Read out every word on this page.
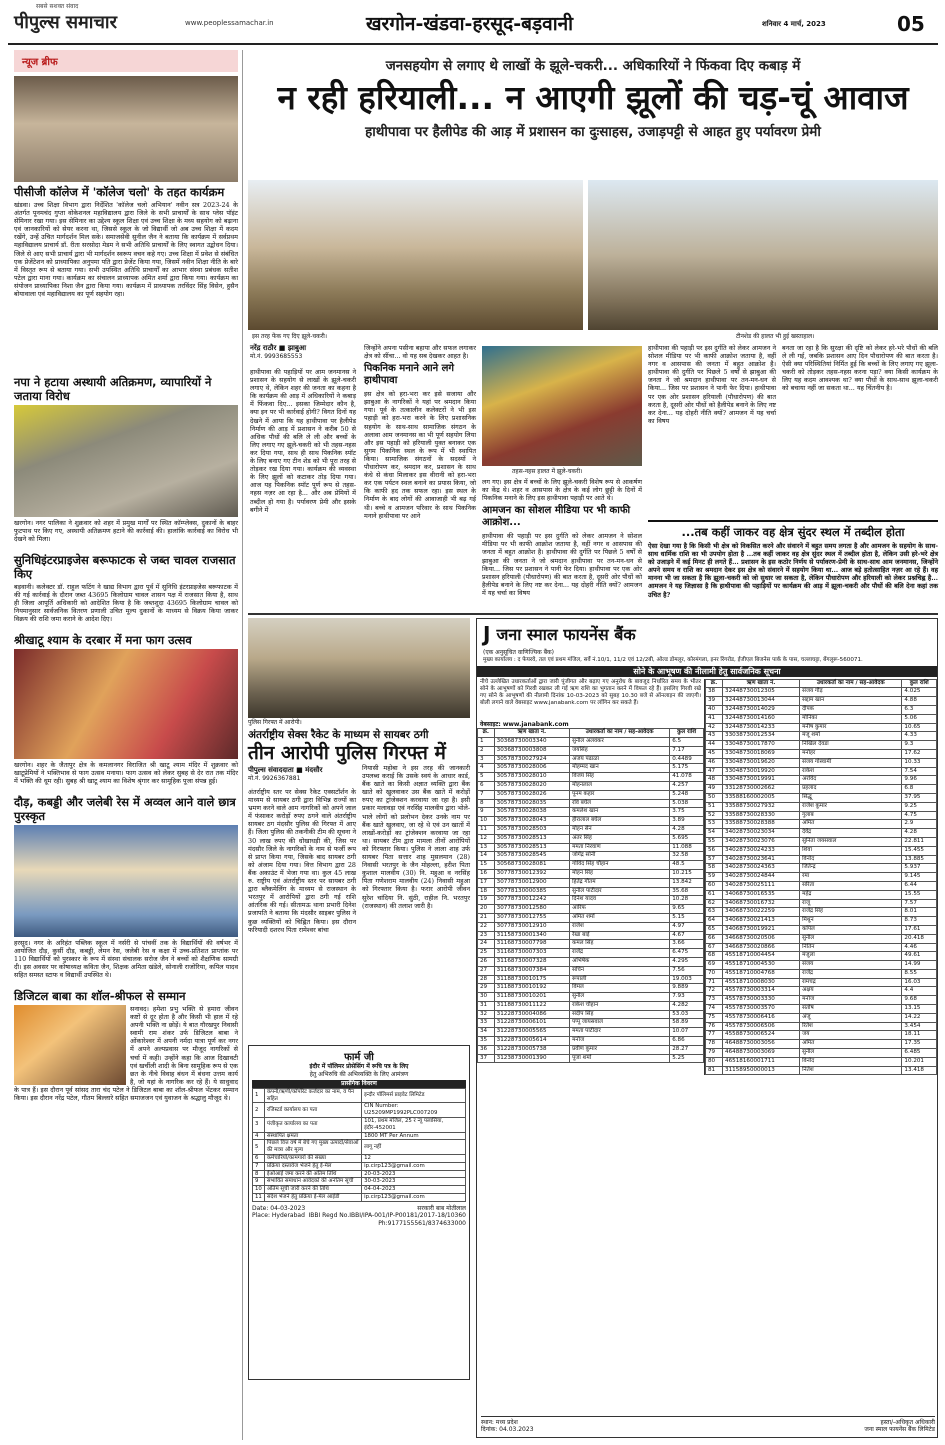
पीपुल्स समाचार
सबसे सशक्त संवाद
www.peoplessamachar.in	खरगोन-खंडवा-हरसूद-बड़वानी	शनिवार 4 मार्च, 2023	05
न्यूज ब्रीफ
पीसीजी कॉलेज में 'कॉलेज चलो' के तहत कार्यक्रम
खंडवा। उच्च शिक्षा विभाग द्वारा निर्देशित 'कॉलेज चलो अभियान' नवीन सत्र 2023-24 के अंतर्गत पूनमचंद गुप्ता वोकेशनल महाविद्यालय द्वारा जिले के सभी प्राचार्यों के साथ प्लेस पॉइंट सेमिनार रखा गया। इस सेमिनार का उद्देश्य स्कूल शिक्षा एवं उच्च शिक्षा के मध्य सहयोग को बढ़ाना एवं जानकारियों को सेयर करना था, जिससे स्कूल के जो विद्यार्थी जो अब उच्च शिक्षा में कदम रखेंगे, उन्हें उचित मार्गदर्शन मिल सके। समाजसेवी सुनील जैन ने बताया कि कार्यक्रम में सर्वप्रथम महाविद्यालय प्राचार्य डॉ. रीता सरसोदा मेडम ने सभी अतिथि प्राचार्यों के लिए स्वागत उद्बोधन दिया। जिले से आए सभी प्राचार्य द्वारा भी मार्गदर्शन स्वरूप वचन कहे गए। उच्च शिक्षा में प्रवेश से संबंधित एक प्रेजेंटेशन को प्राध्यापिका अनुपमा पति द्वारा प्रेजेंट किया गया, जिसमें नवीन शिक्षा नीति के बारे में विस्तृत रूप से बताया गया। सभी उपस्थित अतिथि प्राचार्यों का आभार संस्था प्रबंधक सतीश पटेल द्वारा माना गया। कार्यक्रम का संचालन प्राध्यापक अमित शर्मा द्वारा किया गया। कार्यक्रम का संयोजन प्राध्यापिका निशा जैन द्वारा किया गया। कार्यक्रम में प्राध्यापक तरविंदर सिंह विसेन, हुसैन बोयावाला एवं महाविद्यालय का पूर्ण सहयोग रहा।
नपा ने हटाया अस्थायी अतिक्रमण, व्यापारियों ने जताया विरोध
खरगोन। नगर पालिका ने शुक्रवार को शहर में प्रमुख मार्गों पर स्थित कॉम्प्लेक्स, दुकानों के बाहर फुटपाथ पर किए गए, अस्थायी अतिक्रमण हटाने की कार्रवाई की। हालांकि कार्रवाई का विरोध भी देखने को मिला।
सुनिधिइंटरप्राइजेस बरूफाटक से जब्त चावल राजसात किए
बड़वानी। कलेक्टर डॉ. राहुल फटिंग ने खाद्य विभाग द्वारा पूर्व में सुनिधि इंटरप्राइजेस बरूफाटक में की गई कार्रवाई के दौरान जब्त 43695 किलोग्राम चावल शासन पक्ष में राजसात किया है, साथ ही जिला आपूर्ति अधिकारी को आदेशित किया है कि जब्तशुदा 43695 किलोग्राम चावल को नियमानुसार सार्वजनिक वितरण प्रणाली उचित मूल्य दुकानों के माध्यम से विक्रय किया जाकर विक्रय की राशि जमा कराने के आदेश दिए।
श्रीखाटू श्याम के दरबार में मना फाग उत्सव
खरगोन। शहर के जैतापुर क्षेत्र के कमलानगर विराजित श्री खाटू श्याम मंदिर में शुक्रवार को खाटूप्रेमियों ने भक्तिभाव से फाग उत्सव मनाया। फाग उत्सव को लेकर सुबह से देर रात तक मंदिर में भक्ति की धूम रही। सुबह श्री खाटू श्याम का विशेष श्रृंगार कर सामूहिक पूजा संपन्न हुई।
दौड़, कबड्डी और जलेबी रेस में अव्वल आने वाले छात्र पुरस्कृत
हरसूद। नगर के अरिहंत पब्लिक स्कूल में नर्सरी से पांचवीं तक के विद्यार्थियों की वर्षभर में आयोजित दौड़, कुर्सी दौड़, कबड्डी, लेमन रेस, जलेबी रेस व कक्षा में उच्च-प्रतिशत प्राप्तांक पर 110 विद्यार्थियों को पुरस्कार के रूप में संस्था संचालक सरोज जैन ने बच्चों को शैक्षणिक सामग्री दी। इस अवसर पर कोषाध्यक्ष कविता जैन, शिक्षक अमिता खंडेले, सोनाली राजोरिया, कपिल यादव सहित समस्त स्टाफ व विद्यार्थी उपस्थित थे।
डिजिटल बाबा का शॉल-श्रीफल से सम्मान
सनावद। हमेशा प्रभु भक्ति से हमारा जीवन कष्टों से दूर होता है और किसी भी हाल में रहे अपनी भक्ति ना छोड़ें। ये बात गौरखपुर निवासी स्वामी राम शंकर उर्फ डिजिटल बाबा ने ओंकारेश्वर में अपनी नर्मदा यात्रा पूर्ण कर नगर में अपने अल्पप्रवास पर मौजूद नागरिकों से चर्चा में कही। उन्होंने कहा कि आज दिखावटी एवं खर्चीली शादी के बिना सामूहिक रूप से एक छत के नीचे विवाह बंधन में बंधना उत्तम कार्य है, जो यहां के नागरिक कर रहे हैं। ये साधुवाद के पात्र हैं। इस दौरान पूर्व सांसद तारा चंद पटेल ने डिजिटल बाबा का शॉल-श्रीफल भेंटकर सम्मान किया। इस दौरान नरेंद्र पटेल, गौतम बिल्लारे सहित समाजजन एवं युवाजन के श्रद्धालु मौजूद थे।
जनसहयोग से लगाए थे लाखों के झूले-चकरी... अधिकारियों ने फिंकवा दिए कबाड़ में
न रही हरियाली... न आएगी झूलों की चड़-चूं आवाज
हाथीपावा पर हैलीपेड की आड़ में प्रशासन का दुःसाहस, उजाड़पट्टी से आहत हुए पर्यावरण प्रेमी
इस तरह फेंक गए दिए झूले-चकरी।	टीनशेड की हालत भी हुई खस्ताहाल।
नरेंद्र राठौर ■ झाबुआ
मो.नं. 9993685553
हाथीपावा की पहाड़ियों पर आम जनमानस ने प्रशासन के सहयोग से लाखों के झूले-चकरी लगाए थे, लेकिन शहर की जनता का कहना है कि कार्यक्रम की आड़ में अधिकारियों ने कबाड़ में फिंकवा दिए... इसका जिम्मेदार कौन है, क्या इन पर भी कार्रवाई होगी? विगत दिनों यह देखने में आया कि यह हाथीपावा पर हैलीपेड निर्माण की आड़ में प्रशासन ने करीब 50 से अधिक पौधों की बलि ले ली और बच्चों के लिए लगाए गए झूले-चकरी को भी तहस-नहस कर दिया गया, साथ ही साथ पिकनिक स्पॉट के लिए बनाए गए टीन शेड को भी पूरा तरह से तोड़कर रख दिया गया। कार्यक्रम की व्यवस्था के लिए झूलों को कटाकर तोड़ दिया गया। आज यह पिकनिक स्पॉट पूर्ण रूप से तहस-नहस नज़र आ रहा है... और अब प्रेमियों में तब्दील हो गया है। पर्यावरण प्रेमी और इसके बगीने में
जिन्होंने अपना पसीना बहाया और सफल लगाकर क्षेत्र को सींचा... वो यह सब देखकर आहत है।
पिकनिक मनाने आने लगे हाथीपावा
इस क्षेत्र को हरा-भरा कर इसे सजाया और झाबुआ के नागरिकों ने यहां पर श्रमदान किया गया। पूर्व के तत्कालीन कलेक्टरों ने भी इस पहाड़ी को हरा-भरा करने के लिए प्रशासनिक सहयोग के साथ-साथ सामाजिक संगठन के अलावा आम जनमानस का भी पूर्ण सहयोग लिया और इस पहाड़ी को हरियाली युक्त बनाकर एक सुगम पिकनिक स्थल के रूप में भी स्थापित किया। सामाजिक संगठनों के सदस्यों ने पौधारोपण कर, श्रमदान कर, प्रशासन के साथ कंधे से कंधा मिलाकर इस वीरानी को हरा-भरा कर एक पर्यटन स्थल बनाने का प्रयास किया, जो कि काफी हद तक सफल रहा। इस स्थल के निर्माण के बाद लोगों की आवाजाही भी बढ़ गई थी। बच्चे व आमजन परिवार के साथ पिकनिक मनाने हाथीपावा पर आने
तहस-नहस हालत में झूले-चकरी।
लग गए। इस क्षेत्र में बच्चों के लिए झूले-चकरी विशेष रूप से आकर्षण का केंद्र थे। शहर व आसपास के क्षेत्र के कई लोग छुट्टी के दिनों में पिकनिक मनाने के लिए इस हाथीपावा पहाड़ी पर आते थे।
आमजन का सोशल मीडिया पर भी काफी आक्रोश...
हाथीपावा की पहाड़ी पर इस दुर्गति को लेकर आमजन ने सोशल मीडिया पर भी काफी आक्रोश जताया है, वहीं नगर व आसपास की जनता में बहुत आक्रोश है। हाथीपावा की दुर्गति पर पिछले 5 वर्षों से झाबुआ की जनता ने जो श्रमदान हाथीपावा पर तन-मन-धन से किया... जिस पर प्रशासन ने पानी फेर दिया। हाथीपावा पर एक ओर प्रशासन हरियाली (पौधारोपण) की बात करता है, दूसरी ओर पौधों को हैलीपेड बनाने के लिए नष्ट कर देना... यह दोहरी नीति क्यों? आमजन में यह चर्चा का विषय
हाथीपावा की पहाड़ी पर इस दुर्गति को लेकर आमजन ने सोशल मीडिया पर भी काफी आक्रोश जताया है, वहीं नगर व आसपास की जनता में बहुत आक्रोश है। हाथीपावा की दुर्गति पर पिछले 5 वर्षों से झाबुआ की जनता ने जो श्रमदान हाथीपावा पर तन-मन-धन से किया... जिस पर प्रशासन ने पानी फेर दिया। हाथीपावा पर एक ओर प्रशासन हरियाली (पौधारोपण) की बात करता है, दूसरी ओर पौधों को हैलीपेड बनाने के लिए नष्ट कर देना... यह दोहरी नीति क्यों? आमजन में यह चर्चा का विषय
बनता जा रहा है कि सुरक्षा की दृष्टि को लेकर हरे-भरे पौधों की बलि ले ली गई, जबकि प्रशासन आए दिन पौधारोपण की बात करता है। ऐसी क्या परिस्थितियां निर्मित हुई कि बच्चों के लिए लगाए गए झूला-चकरी को तोड़कर तहस-नहस करना पड़ा? क्या किसी कार्यक्रम के लिए यह कदम आवश्यक था? क्या पौधों के साथ-साथ झूला-चकरी को बचाया नहीं जा सकता था... यह चिंतनीय है।
...तब कहीं जाकर वह क्षेत्र सुंदर स्थल में तब्दील होता
ऐसा देखा गया है कि किसी भी क्षेत्र को विकसित करने और संवारने में बहुत समय लगता है और आमजन के सहयोग के साथ-साथ धार्मिक राशि का भी उपयोग होता है ...तब कहीं जाकर वह क्षेत्र सुंदर स्थल में तब्दील होता है, लेकिन उसी हरे-भरे क्षेत्र को उजाड़ने में कई मिनट ही लगते हैं... प्रशासन के इस कठोर निर्णय से पर्यावरण-प्रेमी के साथ-साथ आम जनमानस, जिन्होंने अपने समय व राशि का श्रमदान देकर इस क्षेत्र को संवारने में सहयोग किया था... आज बड़े हतोत्साहित नज़र आ रहे हैं। वह मानना भी जा सकता है कि झूला-चकरी को जो सुधार जा सकता है, लेकिन पौधारोपण और हरियाली को लेकर प्रश्नचिह्न है... आमजन ने यह जिज्ञासा है कि हाथीपावा की पहाड़ियों पर कार्यक्रम की आड़ में झूला-चकरी और पौधों की बलि देना कहां तक उचित है?
पुलिस गिरफ्त में आरोपी।
अंतर्राष्ट्रीय सेक्स रैकेट के माध्यम से सायबर ठगी
तीन आरोपी पुलिस गिरफ्त में
पीपुल्स संवाददाता ■ मंदसौर
मो.नं. 9926367881
अंतर्राष्ट्रीय स्तर पर सेक्स रैकेट एक्सटॉर्शन के माध्यम से सायबर ठगी द्वारा विभिन्न राज्यों का भ्रमण करने वाले आम नागरिकों को अपने जाल में फंसाकर करोड़ों रुपए ठगने वाले अंतर्राष्ट्रीय सायबर ठग मंदसौर पुलिस की गिरफ्त में आए हैं। जिला पुलिस की तकनीकी टीम की सूचना ने 30 लाख रुपए की धोखाधड़ी की, जिस पर मंदसौर जिले के नागरिकों के नाम से फर्जी रूप से प्राप्त किया गया, जिसके बाद सायबर ठगी को अंजाम दिया गया। वित्त विभाग द्वारा 28 बैंक अकाउंट में भेजा गया था। कुल 45 लाख रु. राष्ट्रीय एवं अंतर्राष्ट्रीय स्तर पर सायबर ठगी द्वारा ब्लैकमेलिंग के माध्यम से राजस्थान के भरतपुर में आरोपियों द्वारा ठगी गई राशि आंतरिक की गई। सीतामऊ थाना प्रभारी दिनेश प्रजापति ने बताया कि मंदसौर साइबर पुलिस ने कुछ व्यक्तियों को चिह्नित किया। इस दौरान फरियादी दशरथ पिता रामेश्वर बांचा
नियासी महोबा ने इस तरह की जानकारी उपलब्ध कराई कि उसके स्वयं के आधार कार्ड, बैंक खाते का किसी अज्ञात व्यक्ति द्वारा बैंक खाते को खुलवाकर उस बैंक खाते में करोड़ों रुपए का ट्रांजेक्शन करवाया जा रहा है। इसी प्रकार मलावड़ा एवं नरसिंह मालवीय द्वारा भोले-भाले लोगों को प्रलोभन देकर उनके नाम पर बैंक खाते खुलवाए, जा रहे थे एवं उन खातों में लाखों-करोड़ों का ट्रांजेक्शन करवाया जा रहा था। सायबर टीम द्वारा मामला तीनों आरोपियों को गिरफ्तार किया। पुलिस ने लाला शाह उर्फ सायबर पिता सत्तार शाह मुसलमान (28) निवासी भरतपुर के जैन मोहल्ला, हरीश पिता कुशाल मालवीय (30) नि. महुआ व नरसिंह पिता गणेशराम मालवीय (24) निवासी महुआ को गिरफ्तार किया है। फरार आरोपी जीवन सुरेश चांदिया नि. सुंठी, राहील नि. भरतपुर (राजस्थान) की तलाश जारी है।
फार्म जी
इंदौर में पॉलिमर प्रोसेसिंग में रूचि पत्र के लिए
हेतु अभिरुचि की अभिव्यक्ति के लिए आमंत्रण
प्रासंगिक विवरण
1	कंपनी/ऋणी/कॉर्पोरेट कर्जदार का नाम, व पैन सहित	इन्दौर पॉलिमर्स प्राइवेट लिमिटेड
2	रजिस्टर्ड कार्यालय का पता	CIN Number: U25209MP1992PLC007209
3	पंजीकृत कार्यालय का पता	101, प्रथम मंजिल, 25 र न्यू पलासिया, इंदौर-452001
4	संस्थापित क्षमता	1800 MT Per Annum
5	पिछले वित्त वर्ष में बेचे गए मुख्य उत्पादों/सेवाओं की मात्रा और मूल्य	लागू नहीं
6	कर्मचारियों/कामगारों की संख्या	12
7	प्रक्रिया दस्तावेज भेजने हेतु ई-मेल	ip.cirp123@gmail.com
8	ईओआई जमा करने की अंतिम तिथि	20-03-2023
9	संभावित समाधान आवेदकों की अनंतिम सूची	30-03-2023
10	अंतिम सूची जारी करने की तिथि	04-04-2023
11	संदेश भेजने हेतु प्रक्रिया ई-मेल आईडी	ip.cirp123@gmail.com
Date: 04-03-2023
Place: Hyderabad
सरकारी बाब मोतीलाल
IBBI Regd No.IBBI/IPA-001/IP-P00181/2017-18/10360
Ph:9177155561/8374633000
J जना स्माल फायनेंस बैंक
(एक अनुसूचित वाणिज्यिक बैंक)
मुख्य कार्यालय : द फेयरवे, तल एवं प्रथम मंजिल, सर्वे नं.10/1, 11/2 एवं 12/2बी, ओल्ड डोमलूर, कोरमंगला, इनर रिंगरोड, ईजीएल बिजनेस पार्क के पास, चल्लाघट्टा, बेंगलुरू-560071.
सोने के आभूषण की नीलामी हेतु सार्वजनिक सूचना
नीचे उल्लेखित उधारकर्ताओं द्वारा जारी पूंजीगत और बढ़ाए गए अनुरोध के बावजूद निर्धारित समय के भीतर सोने के आभूषणों को गिरवी रखकर ली गई ऋण राशि का भुगतान करने में विफल रहे हैं। इसलिए गिरवी रखे गए सोने के आभूषणों की नीलामी दिनांक 10-03-2023 को सुबह 10.30 बजे से ऑनलाइन की जाएगी। बोली लगाने वाले वेबसाइट www.janabank.com पर लॉगिन कर सकते हैं।
वेबसाइट: www.janabank.com
क्र.	ऋण खाता नं.	उधारकर्ता का नाम / सह-आवेदक	कुल राशि
1	30368730003340	सुनील अलवंकर	6.5
2	30368730003808	जयसिंह	7.17
3	30578730027924	अजय पंढाळा	0.4489
4	30578730028006	मोहम्मद खान	5.175
5	30578730028010	विजय सिंह	41.078
6	30578730028020	मोहनलाल	4.257
7	30578730028026	पूनम कहार	5.248
8	30578730028035	रवि बघेल	5.038
9	30578730028038	कमलेश खान	3.75
10	30578730028043	हीरालाल बघेल	3.89
11	30578730028503	मोहन सेन	4.28
12	30578730028513	अंतर सिंह	5.695
13	30578730028513	ममता निरवाण	11.088
14	30578730028545	जोगेंद्र सोनी	32.58
15	30568730028081	गोविंद सिंह चौहान	48.5
16	30778730012392	मोहन सिंह	10.215
17	30778730012900	हितेंद्र गौतम	13.842
18	30778130000385	सुनील पाटीदार	35.68
19	30778730012242	दिनेश यादव	10.28
20	30778730012580	आरिफ	9.65
21	30778730012755	अमित शर्मा	5.15
22	30778730012910	राजेश	4.97
23	31158730001340	रेखा बाई	4.67
24	31168730007798	कमल सिंह	3.66
25	31168730007303	राजेंद्र	6.475
26	31168730007328	अभिषेक	4.295
27	31168730007384	सचिन	7.56
28	31188730010175	रूपाली	19.003
29	31188730010192	विमल	9.889
30	31188730010201	सुनील	7.93
31	31188730011122	राकेश चौहान	4.282
32	31228730004086	संदीप सिंह	53.03
33	31228730006101	पप्पू जायसवाल	58.89
34	31228730005565	ममता पाटीदार	10.07
35	31228730005614	मनोज	6.86
36	31228730005738	प्रवीण कुमार	28.27
37	31238730001390	पूजा शर्मा	5.25
क्र.	ऋण खाता नं.	उधारकर्ता का नाम / सह-आवेदक	कुल राशि
38	32448730012305	संजय गौड़	4.025
39	32448730013044	सद्दाम खान	4.88
40	32448730014029	दीपक	6.3
41	32448730014160	मोनिका	5.06
42	32448730014233	मनीष कुमार	10.65
43	33038730012534	मंजू शर्मा	4.33
44	33048730017870	निखिल देवडा	9.3
45	33048730018069	मनोहर	17.62
46	33048730019620	संजय गोस्वामी	10.33
47	33048730019920	राकेश	7.54
48	33048730019991	अरविंद	9.96
49	33128730002662	प्रहलाद	6.8
50	33588160002005	सिद्धू	37.95
51	33588730027932	राजेश कुमार	9.25
52	33588730028330	गुलाब	4.75
53	33588730028388	अमित	2.9
54	34028730023034	देवेंद्र	4.28
55	34028730023076	सुनिता जयसवाल	22.811
56	34028730024233	शिवा	15.455
57	34028730023641	विनोद	13.885
58	34028730024363	जितेन्द्र	5.937
59	34028730024844	रमा	9.145
60	34028730025111	सरिता	6.44
61	34068730016535	महेंद्र	15.55
62	34068730016732	राजू	7.57
63	34068730022259	राजेंद्र सिंह	8.01
64	34068730021413	मिथुन	8.73
65	34068730019921	कपिल	17.61
66	34668730020506	सुनील	20.418
67	34668730020866	नितिन	4.46
68	45518710004454	मंजुला	49.61
69	45518710004530	संजय	14.99
70	45518710004768	राजेंद्र	8.55
71	45518710008030	रामचंद्र	16.03
72	45578730003314	अक्षय	4.4
73	45578730003330	मनोज	9.68
74	45578730003570	संतोष	13.15
75	45578730006416	अंजू	14.22
76	45578730006506	रितेश	3.454
77	45588730006524	जय	18.11
78	46488730003056	अमित	17.35
79	46488730003069	सुनील	6.485
80	46518160001711	विनोद	10.201
81	31158950000013	नितेश	13.418
स्थान: मध्य प्रदेश
दिनांक: 04.03.2023
हस्ता/-अधिकृत अधिकारी
जना स्माल फायनेंस बैंक लिमिटेड
